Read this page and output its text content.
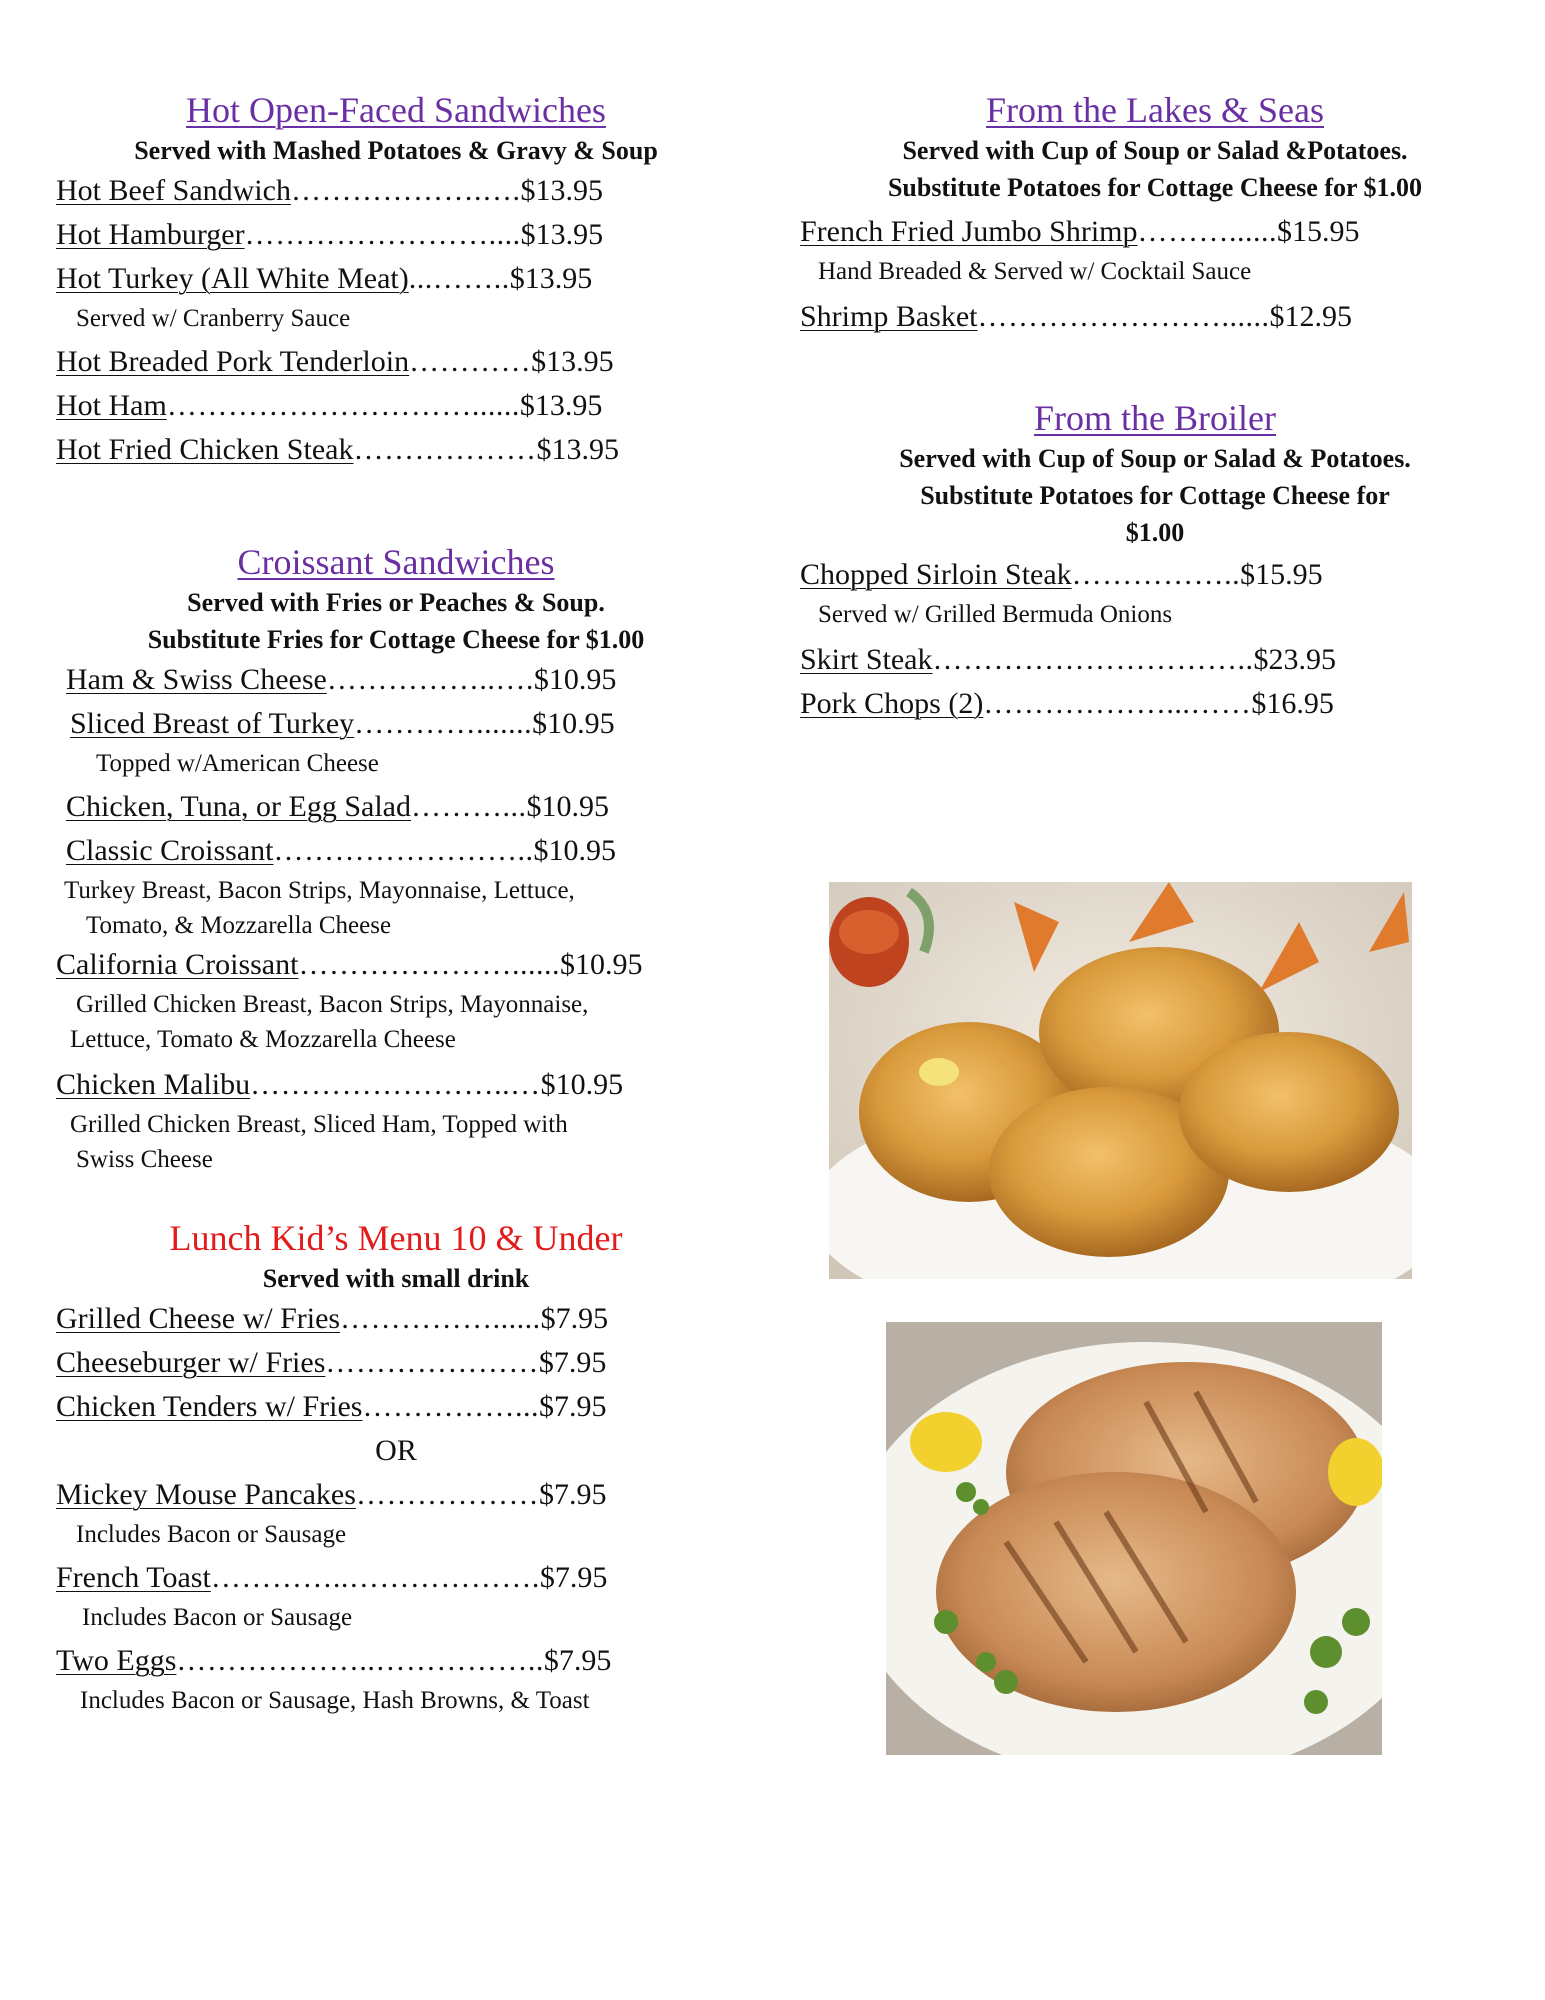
Hot Open-Faced Sandwiches

Served with Mashed Potatoes & Gravy & Soup

Hot Beef Sandwich ……………….…. $13.95
Hot Hamburger …………………….... $13.95
Hot Turkey (All White Meat) ...…….. $13.95
Served w/ Cranberry Sauce
Hot Breaded Pork Tenderloin ………… $13.95
Hot Ham …………………………...... $13.95
Hot Fried Chicken Steak ……………… $13.95
Croissant Sandwiches

Served with Fries or Peaches & Soup.

Substitute Fries for Cottage Cheese for $1.00

Ham & Swiss Cheese ……………..…. $10.95
Sliced Breast of Turkey …………....... $10.95
Topped w/American Cheese
Chicken, Tuna, or Egg Salad ………... $10.95
Classic Croissant …………………….. $10.95
Turkey Breast, Bacon Strips, Mayonnaise, Lettuce,
Tomato, & Mozzarella Cheese
California Croissant …………………...... $10.95
Grilled Chicken Breast, Bacon Strips, Mayonnaise,
Lettuce, Tomato & Mozzarella Cheese
Chicken Malibu ……………………..… $10.95
Grilled Chicken Breast, Sliced Ham, Topped with
Swiss Cheese
Lunch Kid’s Menu 10 & Under

Served with small drink

Grilled Cheese w/ Fries ……………...... $7.95
Cheeseburger w/ Fries ………………… $7.95
Chicken Tenders w/ Fries ……………... $7.95
OR
Mickey Mouse Pancakes ……………… $7.95
Includes Bacon or Sausage
French Toast …………..………………. $7.95
Includes Bacon or Sausage
Two Eggs ………………..…………….. $7.95
Includes Bacon or Sausage, Hash Browns, & Toast
From the Lakes & Seas

Served with Cup of Soup or Salad &Potatoes.

Substitute Potatoes for Cottage Cheese for $1.00

French Fried Jumbo Shrimp ………...... $15.95
Hand Breaded & Served w/ Cocktail Sauce
Shrimp Basket ……………………...... $12.95
From the Broiler

Served with Cup of Soup or Salad & Potatoes.

Substitute Potatoes for Cottage Cheese for

$1.00

Chopped Sirloin Steak …………….. $15.95
Served w/ Grilled Bermuda Onions
Skirt Steak ………………………….. $23.95
Pork Chops (2) ………………...…… $16.95
